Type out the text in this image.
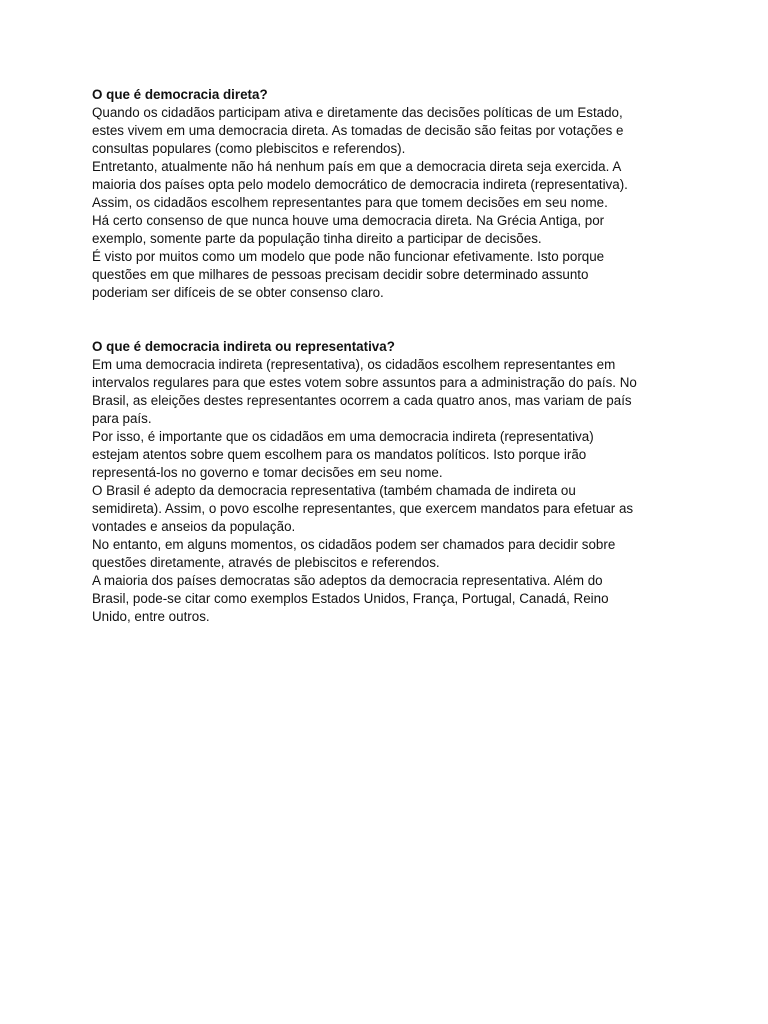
O que é democracia direta?

Quando os cidadãos participam ativa e diretamente das decisões políticas de um Estado,
estes vivem em uma democracia direta. As tomadas de decisão são feitas por votações e
consultas populares (como plebiscitos e referendos).

Entretanto, atualmente não há nenhum país em que a democracia direta seja exercida. A
maioria dos países opta pelo modelo democrático de democracia indireta (representativa).
Assim, os cidadãos escolhem representantes para que tomem decisões em seu nome.

Há certo consenso de que nunca houve uma democracia direta. Na Grécia Antiga, por
exemplo, somente parte da população tinha direito a participar de decisões.

É visto por muitos como um modelo que pode não funcionar efetivamente. Isto porque
questões em que milhares de pessoas precisam decidir sobre determinado assunto
poderiam ser difíceis de se obter consenso claro.

O que é democracia indireta ou representativa?

Em uma democracia indireta (representativa), os cidadãos escolhem representantes em
intervalos regulares para que estes votem sobre assuntos para a administração do país. No
Brasil, as eleições destes representantes ocorrem a cada quatro anos, mas variam de país
para país.

Por isso, é importante que os cidadãos em uma democracia indireta (representativa)
estejam atentos sobre quem escolhem para os mandatos políticos. Isto porque irão
representá-los no governo e tomar decisões em seu nome.

O Brasil é adepto da democracia representativa (também chamada de indireta ou
semidireta). Assim, o povo escolhe representantes, que exercem mandatos para efetuar as
vontades e anseios da população.

No entanto, em alguns momentos, os cidadãos podem ser chamados para decidir sobre
questões diretamente, através de plebiscitos e referendos.

A maioria dos países democratas são adeptos da democracia representativa. Além do
Brasil, pode-se citar como exemplos Estados Unidos, França, Portugal, Canadá, Reino
Unido, entre outros.
